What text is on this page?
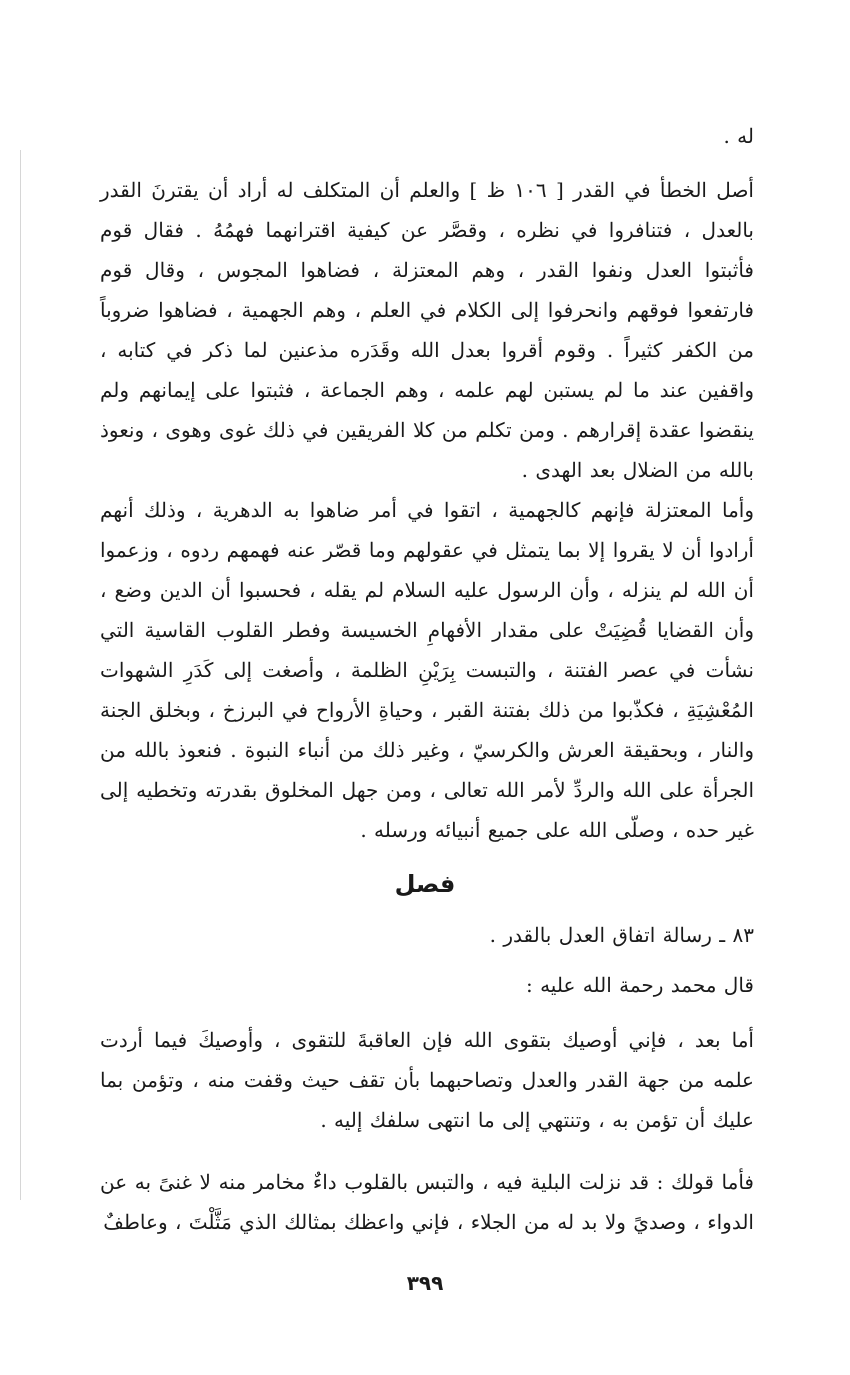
له .

أصل الخطأ في القدر [ ١٠٦ ظ ] والعلم أن المتكلف له أراد أن يقترنَ القدر بالعدل ، فتنافروا في نظره ، وقصَّر عن كيفية اقترانهما فهمُهُ . فقال قوم فأثبتوا العدل ونفوا القدر ، وهم المعتزلة ، فضاهوا المجوس ، وقال قوم فارتفعوا فوقهم وانحرفوا إلى الكلام في العلم ، وهم الجهمية ، فضاهوا ضروباً من الكفر كثيراً . وقوم أقروا بعدل الله وقَدَره مذعنين لما ذكر في كتابه ، واقفين عند ما لم يستبن لهم علمه ، وهم الجماعة ، فثبتوا على إيمانهم ولم ينقضوا عقدة إقرارهم . ومن تكلم من كلا الفريقين في ذلك غوى وهوى ، ونعوذ بالله من الضلال بعد الهدى .

وأما المعتزلة فإنهم كالجهمية ، اتقوا في أمر ضاهوا به الدهرية ، وذلك أنهم أرادوا أن لا يقروا إلا بما يتمثل في عقولهم وما قصّر عنه فهمهم ردوه ، وزعموا أن الله لم ينزله ، وأن الرسول عليه السلام لم يقله ، فحسبوا أن الدين وضع ، وأن القضايا قُضِيَتْ على مقدار الأفهامِ الخسيسة وفطر القلوب القاسية التي نشأت في عصر الفتنة ، والتبست بِرَيْنِ الظلمة ، وأصغت إلى كَدَرِ الشهوات المُعْشِيَةِ ، فكذّبوا من ذلك بفتنة القبر ، وحياةِ الأرواح في البرزخ ، وبخلق الجنة والنار ، وبحقيقة العرش والكرسيّ ، وغير ذلك من أنباء النبوة . فنعوذ بالله من الجرأة على الله والردِّ لأمر الله تعالى ، ومن جهل المخلوق بقدرته وتخطيه إلى غير حده ، وصلّى الله على جميع أنبيائه ورسله .

فصل

٨٣ ـ رسالة اتفاق العدل بالقدر .

قال محمد رحمة الله عليه :

أما بعد ، فإني أوصيك بتقوى الله فإن العاقبةَ للتقوى ، وأوصيكَ فيما أردت علمه من جهة القدر والعدل وتصاحبهما بأن تقف حيث وقفت منه ، وتؤمن بما عليك أن تؤمن به ، وتنتهي إلى ما انتهى سلفك إليه .

فأما قولك : قد نزلت البلية فيه ، والتبس بالقلوب داءٌ مخامر منه لا غنىً به عن الدواء ، وصديً ولا بد له من الجلاء ، فإني واعظك بمثالك الذي مَثَّلْتَ ، وعاطفٌ

٣٩٩
